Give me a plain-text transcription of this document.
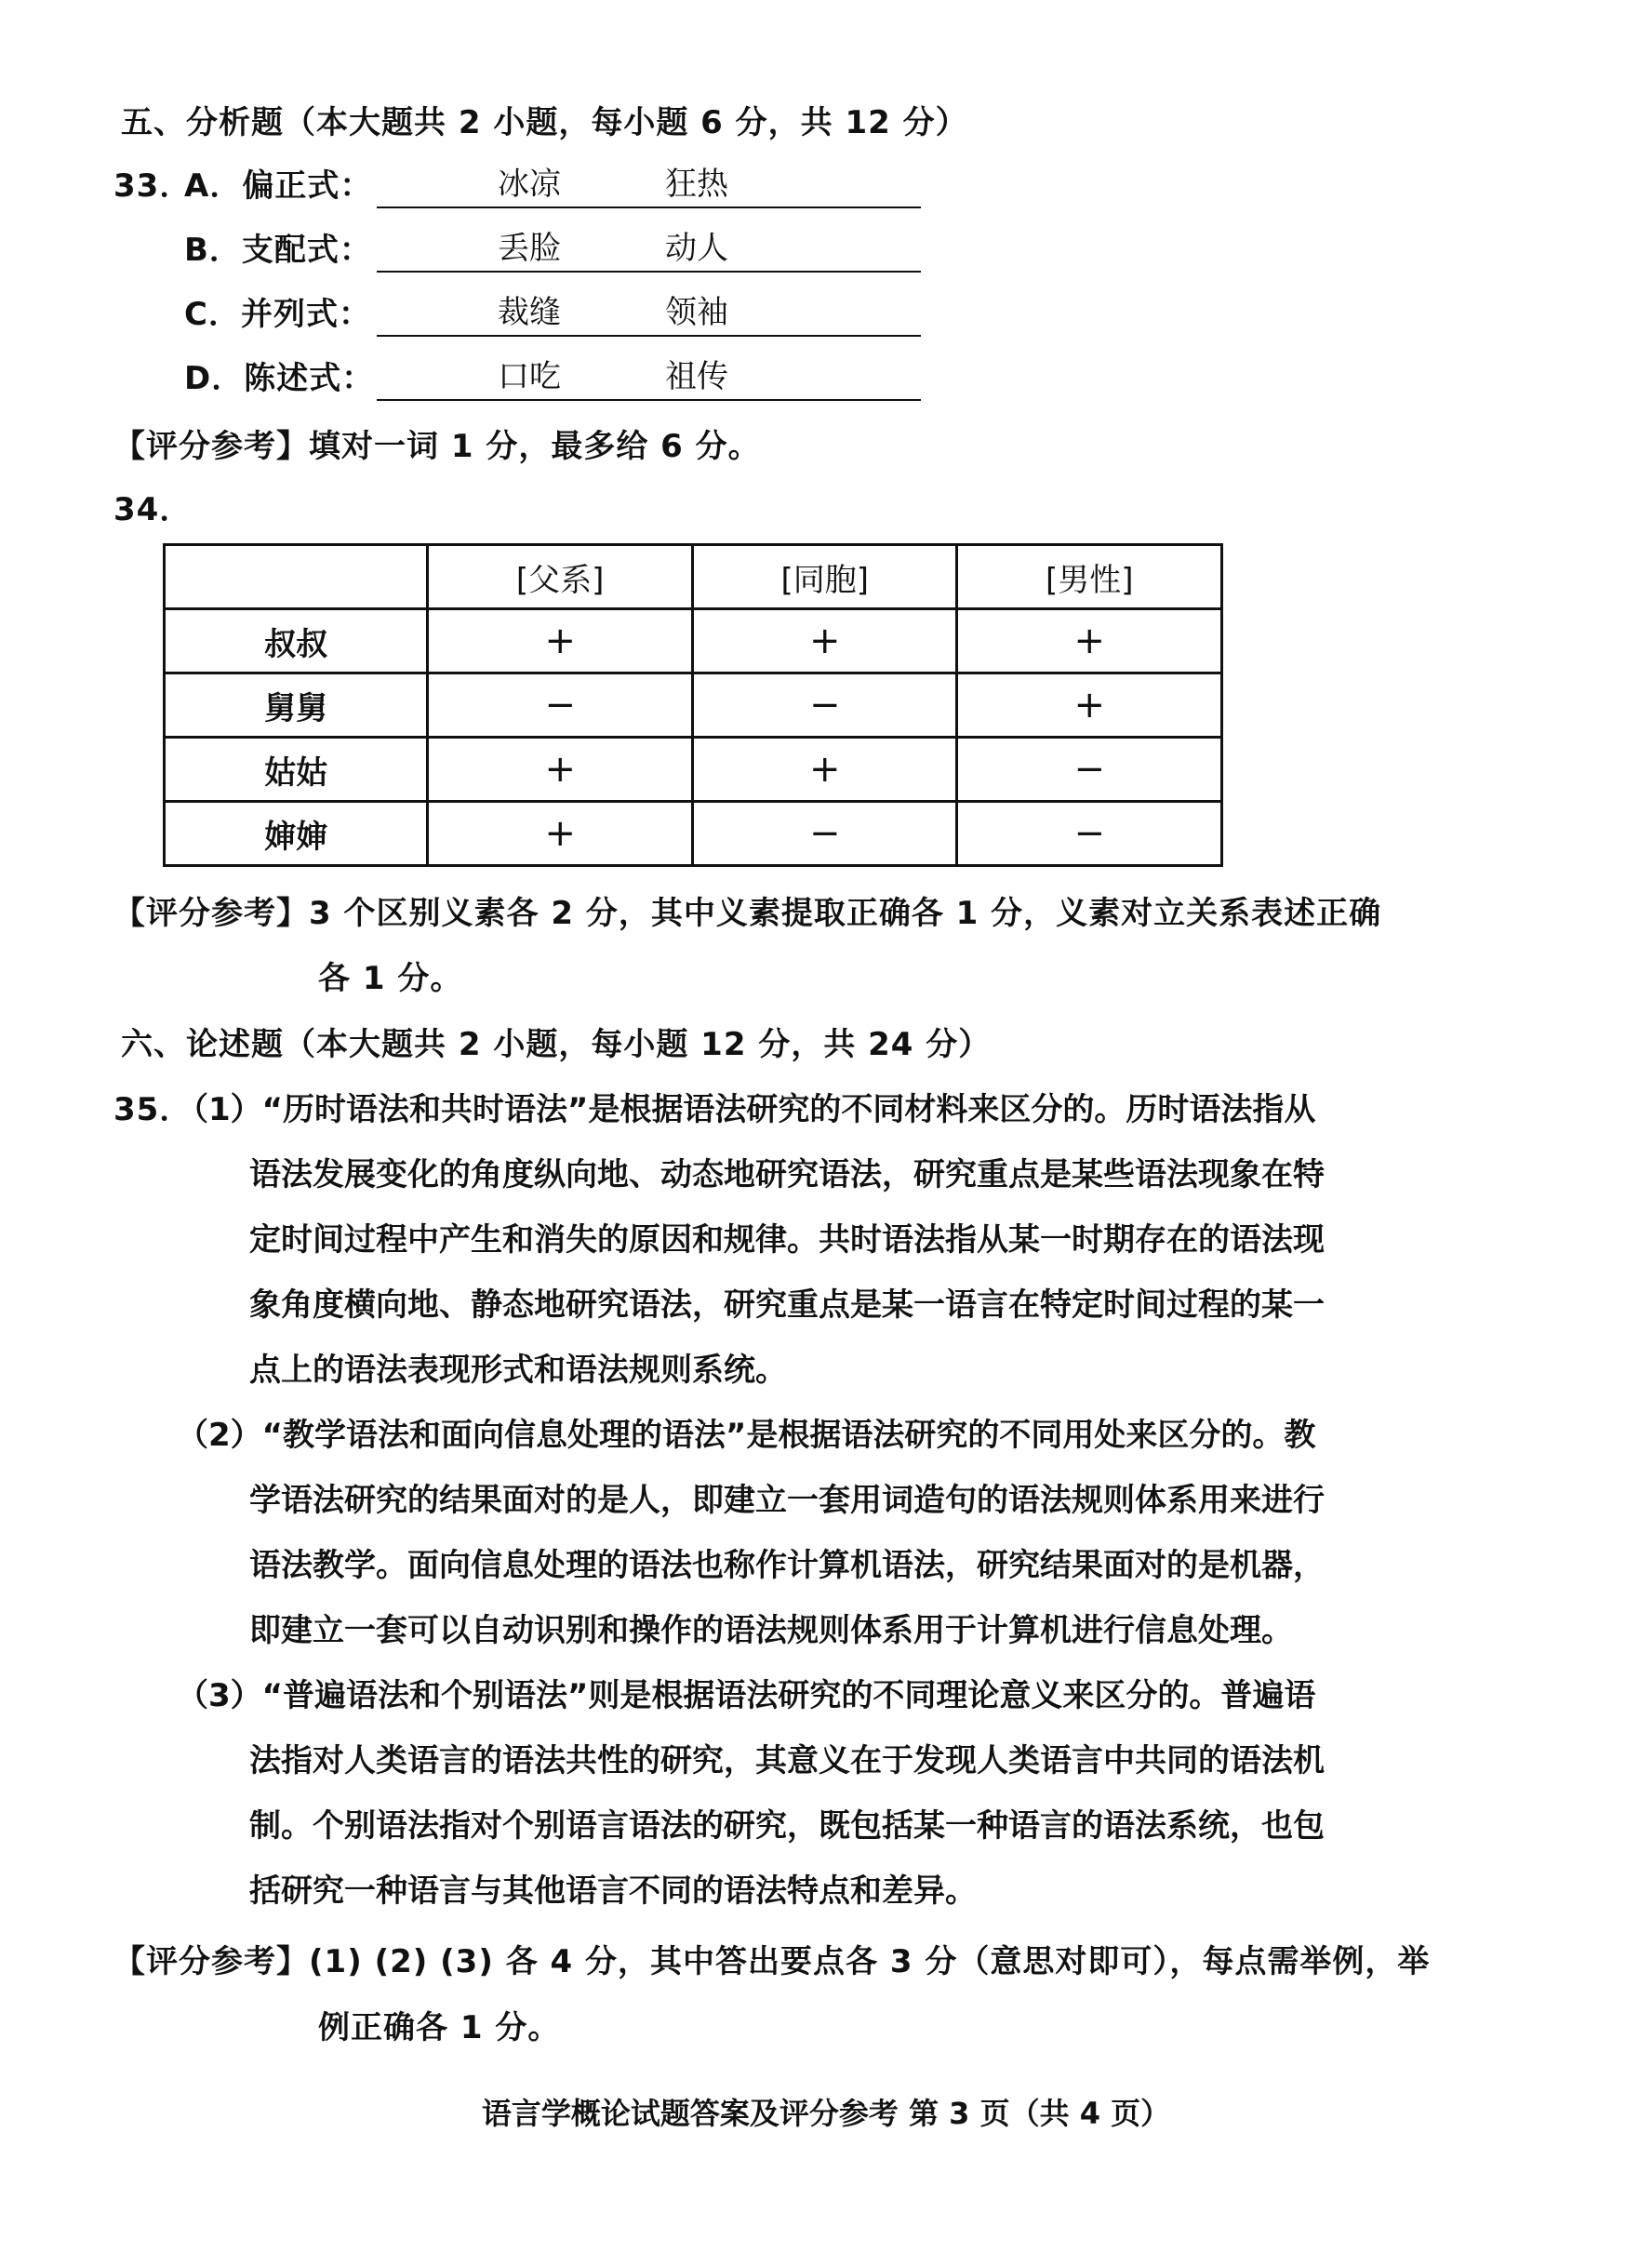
五、分析题（本大题共 2 小题，每小题 6 分，共 12 分）
33．
A．偏正式：	冰凉	狂热
B．支配式：	丢脸	动人
C．并列式：	裁缝	领袖
D．陈述式：	口吃	祖传
【评分参考】填对一词 1 分，最多给 6 分。
34．
	[父系]	[同胞]	[男性]
叔叔	+	+	+
舅舅	−	−	+
姑姑	+	+	−
婶婶	+	−	−
【评分参考】3 个区别义素各 2 分，其中义素提取正确各 1 分，义素对立关系表述正确
各 1 分。
六、论述题（本大题共 2 小题，每小题 12 分，共 24 分）
35．
（1）“历时语法和共时语法”是根据语法研究的不同材料来区分的。历时语法指从
语法发展变化的角度纵向地、动态地研究语法，研究重点是某些语法现象在特
定时间过程中产生和消失的原因和规律。共时语法指从某一时期存在的语法现
象角度横向地、静态地研究语法，研究重点是某一语言在特定时间过程的某一
点上的语法表现形式和语法规则系统。
（2）“教学语法和面向信息处理的语法”是根据语法研究的不同用处来区分的。教
学语法研究的结果面对的是人，即建立一套用词造句的语法规则体系用来进行
语法教学。面向信息处理的语法也称作计算机语法，研究结果面对的是机器，
即建立一套可以自动识别和操作的语法规则体系用于计算机进行信息处理。
（3）“普遍语法和个别语法”则是根据语法研究的不同理论意义来区分的。普遍语
法指对人类语言的语法共性的研究，其意义在于发现人类语言中共同的语法机
制。个别语法指对个别语言语法的研究，既包括某一种语言的语法系统，也包
括研究一种语言与其他语言不同的语法特点和差异。
【评分参考】(1) (2) (3) 各 4 分，其中答出要点各 3 分（意思对即可），每点需举例，举
例正确各 1 分。
语言学概论试题答案及评分参考 第 3 页（共 4 页）
